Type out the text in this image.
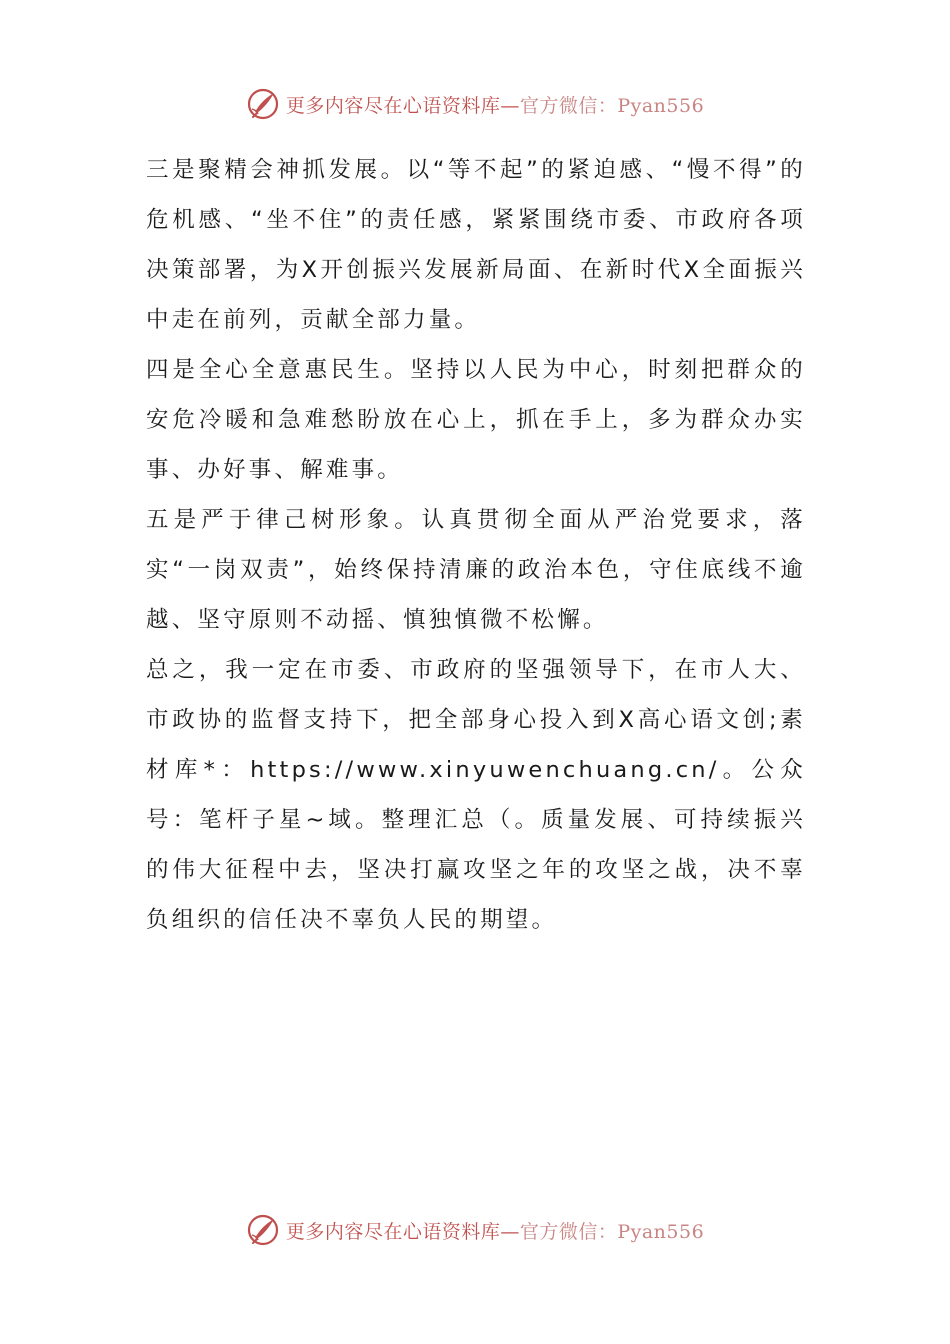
更多内容尽在心语资料库—官方微信：Pyan556

三是聚精会神抓发展。以“等不起”的紧迫感、“慢不得”的危机感、“坐不住”的责任感，紧紧围绕市委、市政府各项决策部署，为X开创振兴发展新局面、在新时代X全面振兴中走在前列，贡献全部力量。

四是全心全意惠民生。坚持以人民为中心，时刻把群众的安危冷暖和急难愁盼放在心上，抓在手上，多为群众办实事、办好事、解难事。

五是严于律己树形象。认真贯彻全面从严治党要求，落实“一岗双责”，始终保持清廉的政治本色，守住底线不逾越、坚守原则不动摇、慎独慎微不松懈。

总之，我一定在市委、市政府的坚强领导下，在市人大、市政协的监督支持下，把全部身心投入到X高心语文创;素材库*：https://www.xinyuwenchuang.cn/。公众号：笔杆子星~域。整理汇总（。质量发展、可持续振兴的伟大征程中去，坚决打赢攻坚之年的攻坚之战，决不辜负组织的信任决不辜负人民的期望。

更多内容尽在心语资料库—官方微信：Pyan556
